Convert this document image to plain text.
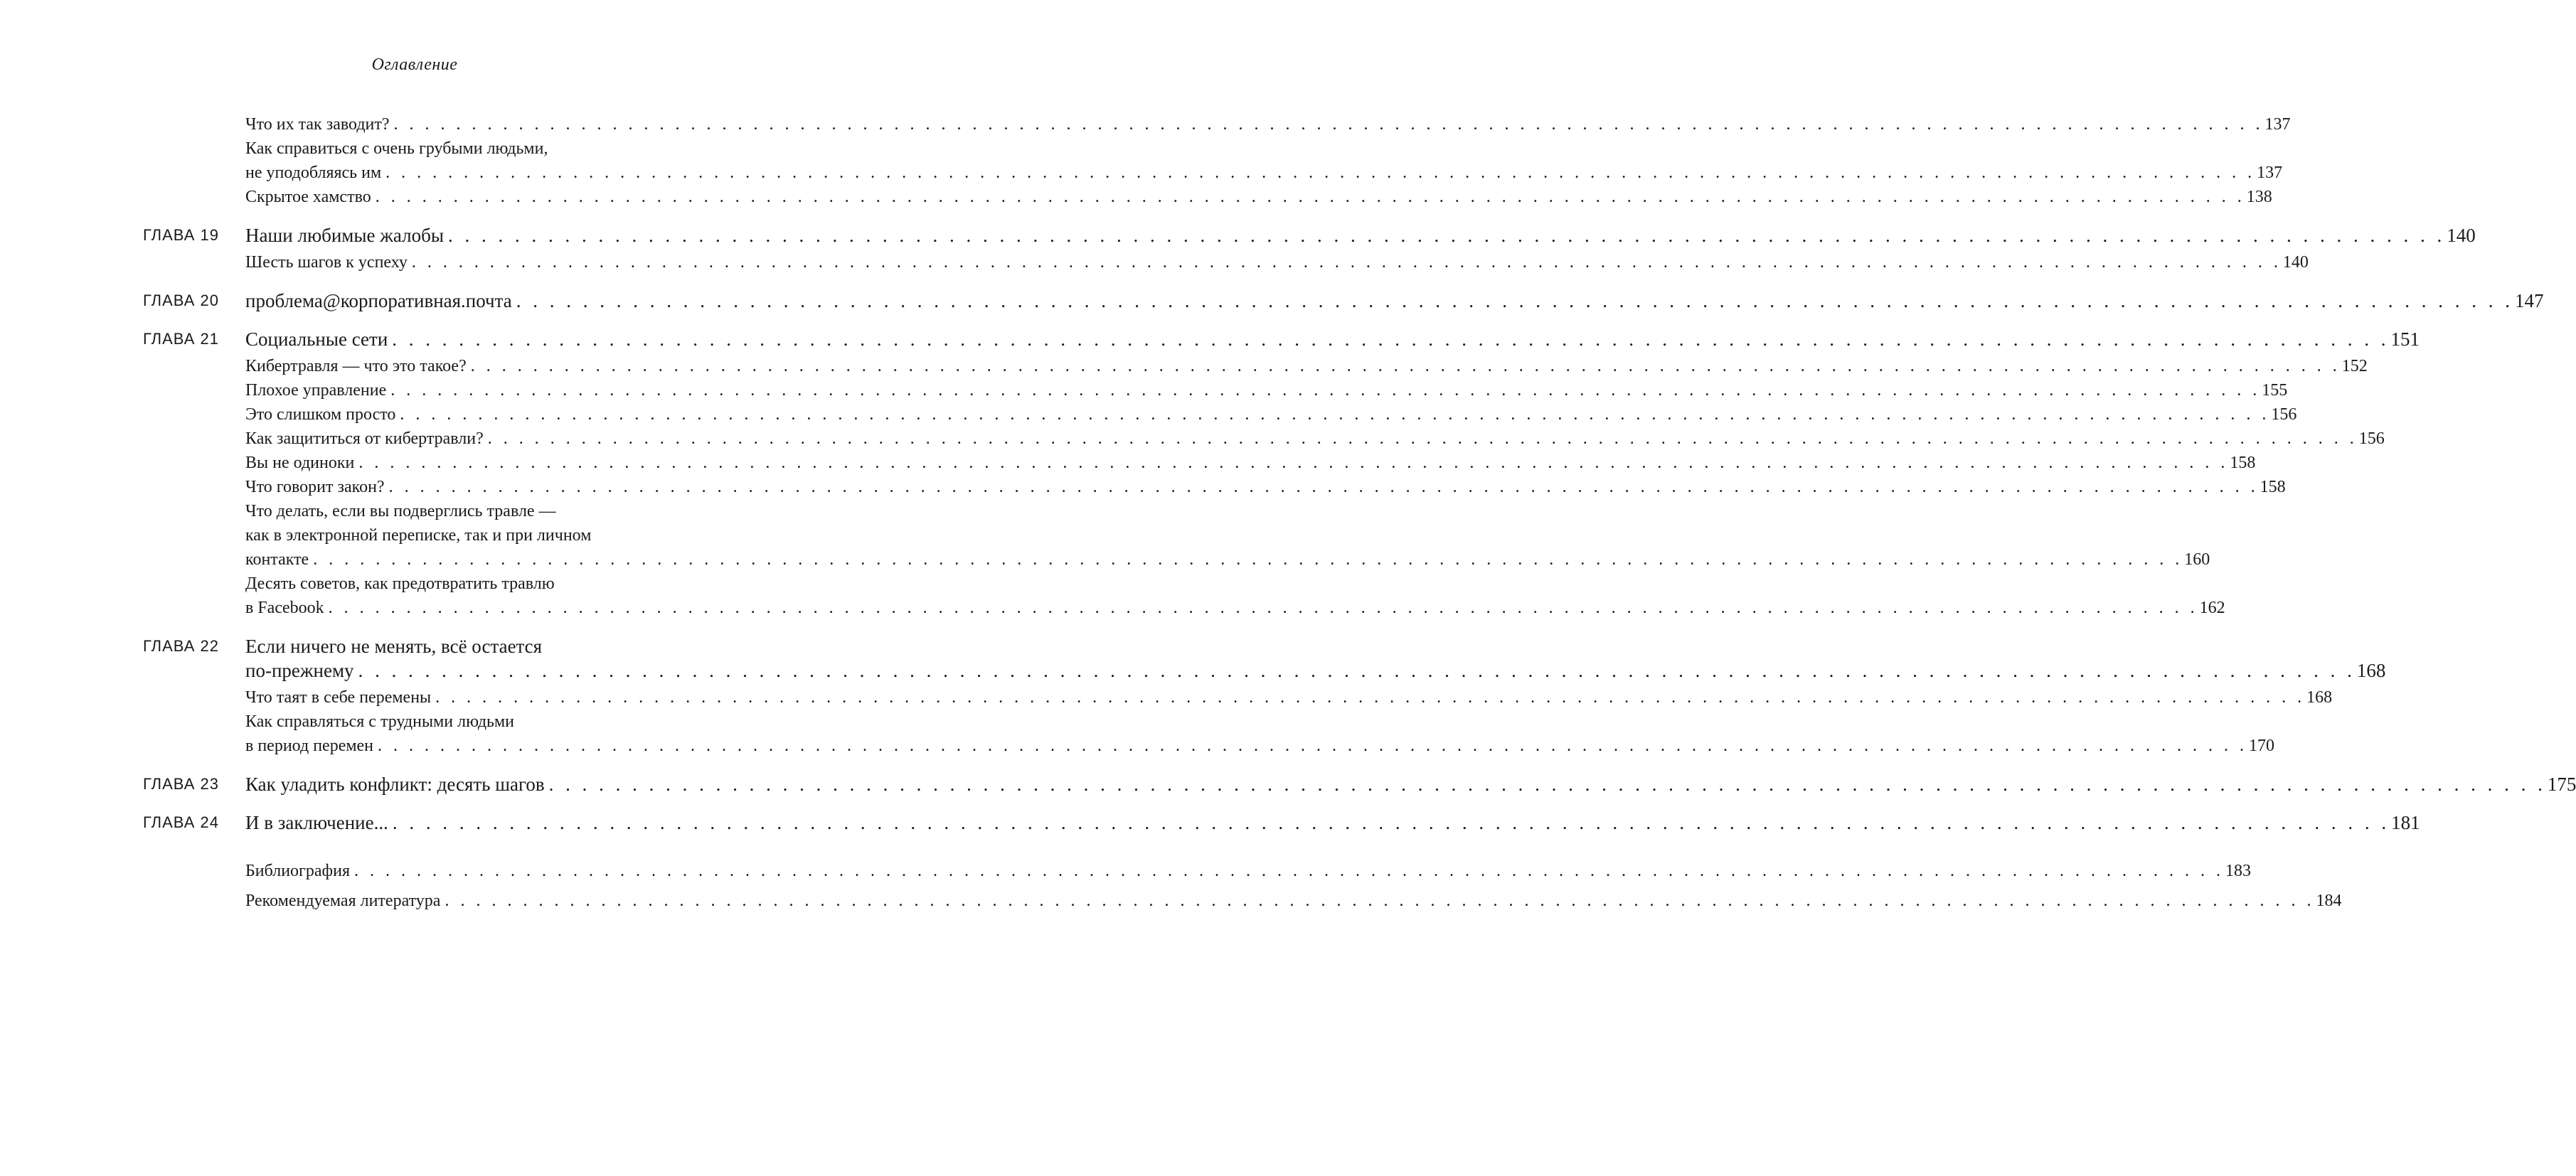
Оглавление
Что их так заводит? . . . . . . . . . . . . . . . . . . . . . . . . . . . . . . . . . . . . . . . . . . . . . . . . . . . . . . . . . . . . . . . . . . . . . . . . . . . . . . . . . . . . . . . . . . . . . . . . . . . . . . . . . . . . . . . . . . . . . . . . 137
Как справиться с очень грубыми людьми,
не уподобляясь им . . . . . . . . . . . . . . . . . . . . . . . . . . . . . . . . . . . . . . . . . . . . . . . . . . . . . . . . . . . . . . . . . . . . . . . . . . . . . . . . . . . . . . . . . . . . . . . . . . . . . . . . . . . . . . . . . . . . . . . . 137
Скрытое хамство . . . . . . . . . . . . . . . . . . . . . . . . . . . . . . . . . . . . . . . . . . . . . . . . . . . . . . . . . . . . . . . . . . . . . . . . . . . . . . . . . . . . . . . . . . . . . . . . . . . . . . . . . . . . . . . . . . . . . . . . 138
ГЛАВА 19	Наши любимые жалобы . . . . . . . . . . . . . . . . . . . . . . . . . . . . . . . . . . . . . . . . . . . . . . . . . . . . . . . . . . . . . . . . . . . . . . . . . . . . . . . . . . . . . . . . . . . . . . . . . . . . . . . . . . . . . . . . . . . . . . . . 140
Шесть шагов к успеху . . . . . . . . . . . . . . . . . . . . . . . . . . . . . . . . . . . . . . . . . . . . . . . . . . . . . . . . . . . . . . . . . . . . . . . . . . . . . . . . . . . . . . . . . . . . . . . . . . . . . . . . . . . . . . . . . . . . . . . . 140
ГЛАВА 20	проблема@корпоративная.почта . . . . . . . . . . . . . . . . . . . . . . . . . . . . . . . . . . . . . . . . . . . . . . . . . . . . . . . . . . . . . . . . . . . . . . . . . . . . . . . . . . . . . . . . . . . . . . . . . . . . . . . . . . . . . . . . . . . . . . . . 147
ГЛАВА 21	Социальные сети . . . . . . . . . . . . . . . . . . . . . . . . . . . . . . . . . . . . . . . . . . . . . . . . . . . . . . . . . . . . . . . . . . . . . . . . . . . . . . . . . . . . . . . . . . . . . . . . . . . . . . . . . . . . . . . . . . . . . . . . 151
Кибертравля — что это такое? . . . . . . . . . . . . . . . . . . . . . . . . . . . . . . . . . . . . . . . . . . . . . . . . . . . . . . . . . . . . . . . . . . . . . . . . . . . . . . . . . . . . . . . . . . . . . . . . . . . . . . . . . . . . . . . . . . . . . . . . 152
Плохое управление . . . . . . . . . . . . . . . . . . . . . . . . . . . . . . . . . . . . . . . . . . . . . . . . . . . . . . . . . . . . . . . . . . . . . . . . . . . . . . . . . . . . . . . . . . . . . . . . . . . . . . . . . . . . . . . . . . . . . . . . 155
Это слишком просто . . . . . . . . . . . . . . . . . . . . . . . . . . . . . . . . . . . . . . . . . . . . . . . . . . . . . . . . . . . . . . . . . . . . . . . . . . . . . . . . . . . . . . . . . . . . . . . . . . . . . . . . . . . . . . . . . . . . . . . . 156
Как защититься от кибертравли? . . . . . . . . . . . . . . . . . . . . . . . . . . . . . . . . . . . . . . . . . . . . . . . . . . . . . . . . . . . . . . . . . . . . . . . . . . . . . . . . . . . . . . . . . . . . . . . . . . . . . . . . . . . . . . . . . . . . . . . . 156
Вы не одиноки . . . . . . . . . . . . . . . . . . . . . . . . . . . . . . . . . . . . . . . . . . . . . . . . . . . . . . . . . . . . . . . . . . . . . . . . . . . . . . . . . . . . . . . . . . . . . . . . . . . . . . . . . . . . . . . . . . . . . . . . 158
Что говорит закон? . . . . . . . . . . . . . . . . . . . . . . . . . . . . . . . . . . . . . . . . . . . . . . . . . . . . . . . . . . . . . . . . . . . . . . . . . . . . . . . . . . . . . . . . . . . . . . . . . . . . . . . . . . . . . . . . . . . . . . . . 158
Что делать, если вы подверглись травле —
как в электронной переписке, так и при личном
контакте . . . . . . . . . . . . . . . . . . . . . . . . . . . . . . . . . . . . . . . . . . . . . . . . . . . . . . . . . . . . . . . . . . . . . . . . . . . . . . . . . . . . . . . . . . . . . . . . . . . . . . . . . . . . . . . . . . . . . . . . 160
Десять советов, как предотвратить травлю
в Facebook . . . . . . . . . . . . . . . . . . . . . . . . . . . . . . . . . . . . . . . . . . . . . . . . . . . . . . . . . . . . . . . . . . . . . . . . . . . . . . . . . . . . . . . . . . . . . . . . . . . . . . . . . . . . . . . . . . . . . . . . 162
ГЛАВА 22	Если ничего не менять, всё остается
по-прежнему . . . . . . . . . . . . . . . . . . . . . . . . . . . . . . . . . . . . . . . . . . . . . . . . . . . . . . . . . . . . . . . . . . . . . . . . . . . . . . . . . . . . . . . . . . . . . . . . . . . . . . . . . . . . . . . . . . . . . . . . 168
Что таят в себе перемены . . . . . . . . . . . . . . . . . . . . . . . . . . . . . . . . . . . . . . . . . . . . . . . . . . . . . . . . . . . . . . . . . . . . . . . . . . . . . . . . . . . . . . . . . . . . . . . . . . . . . . . . . . . . . . . . . . . . . . . . 168
Как справляться с трудными людьми
в период перемен . . . . . . . . . . . . . . . . . . . . . . . . . . . . . . . . . . . . . . . . . . . . . . . . . . . . . . . . . . . . . . . . . . . . . . . . . . . . . . . . . . . . . . . . . . . . . . . . . . . . . . . . . . . . . . . . . . . . . . . . 170
ГЛАВА 23	Как уладить конфликт: десять шагов . . . . . . . . . . . . . . . . . . . . . . . . . . . . . . . . . . . . . . . . . . . . . . . . . . . . . . . . . . . . . . . . . . . . . . . . . . . . . . . . . . . . . . . . . . . . . . . . . . . . . . . . . . . . . . . . . . . . . . . . 175
ГЛАВА 24	И в заключение... . . . . . . . . . . . . . . . . . . . . . . . . . . . . . . . . . . . . . . . . . . . . . . . . . . . . . . . . . . . . . . . . . . . . . . . . . . . . . . . . . . . . . . . . . . . . . . . . . . . . . . . . . . . . . . . . . . . . . . . . 181
Библиография . . . . . . . . . . . . . . . . . . . . . . . . . . . . . . . . . . . . . . . . . . . . . . . . . . . . . . . . . . . . . . . . . . . . . . . . . . . . . . . . . . . . . . . . . . . . . . . . . . . . . . . . . . . . . . . . . . . . . . . . 183
Рекомендуемая литература . . . . . . . . . . . . . . . . . . . . . . . . . . . . . . . . . . . . . . . . . . . . . . . . . . . . . . . . . . . . . . . . . . . . . . . . . . . . . . . . . . . . . . . . . . . . . . . . . . . . . . . . . . . . . . . . . . . . . . . . 184
